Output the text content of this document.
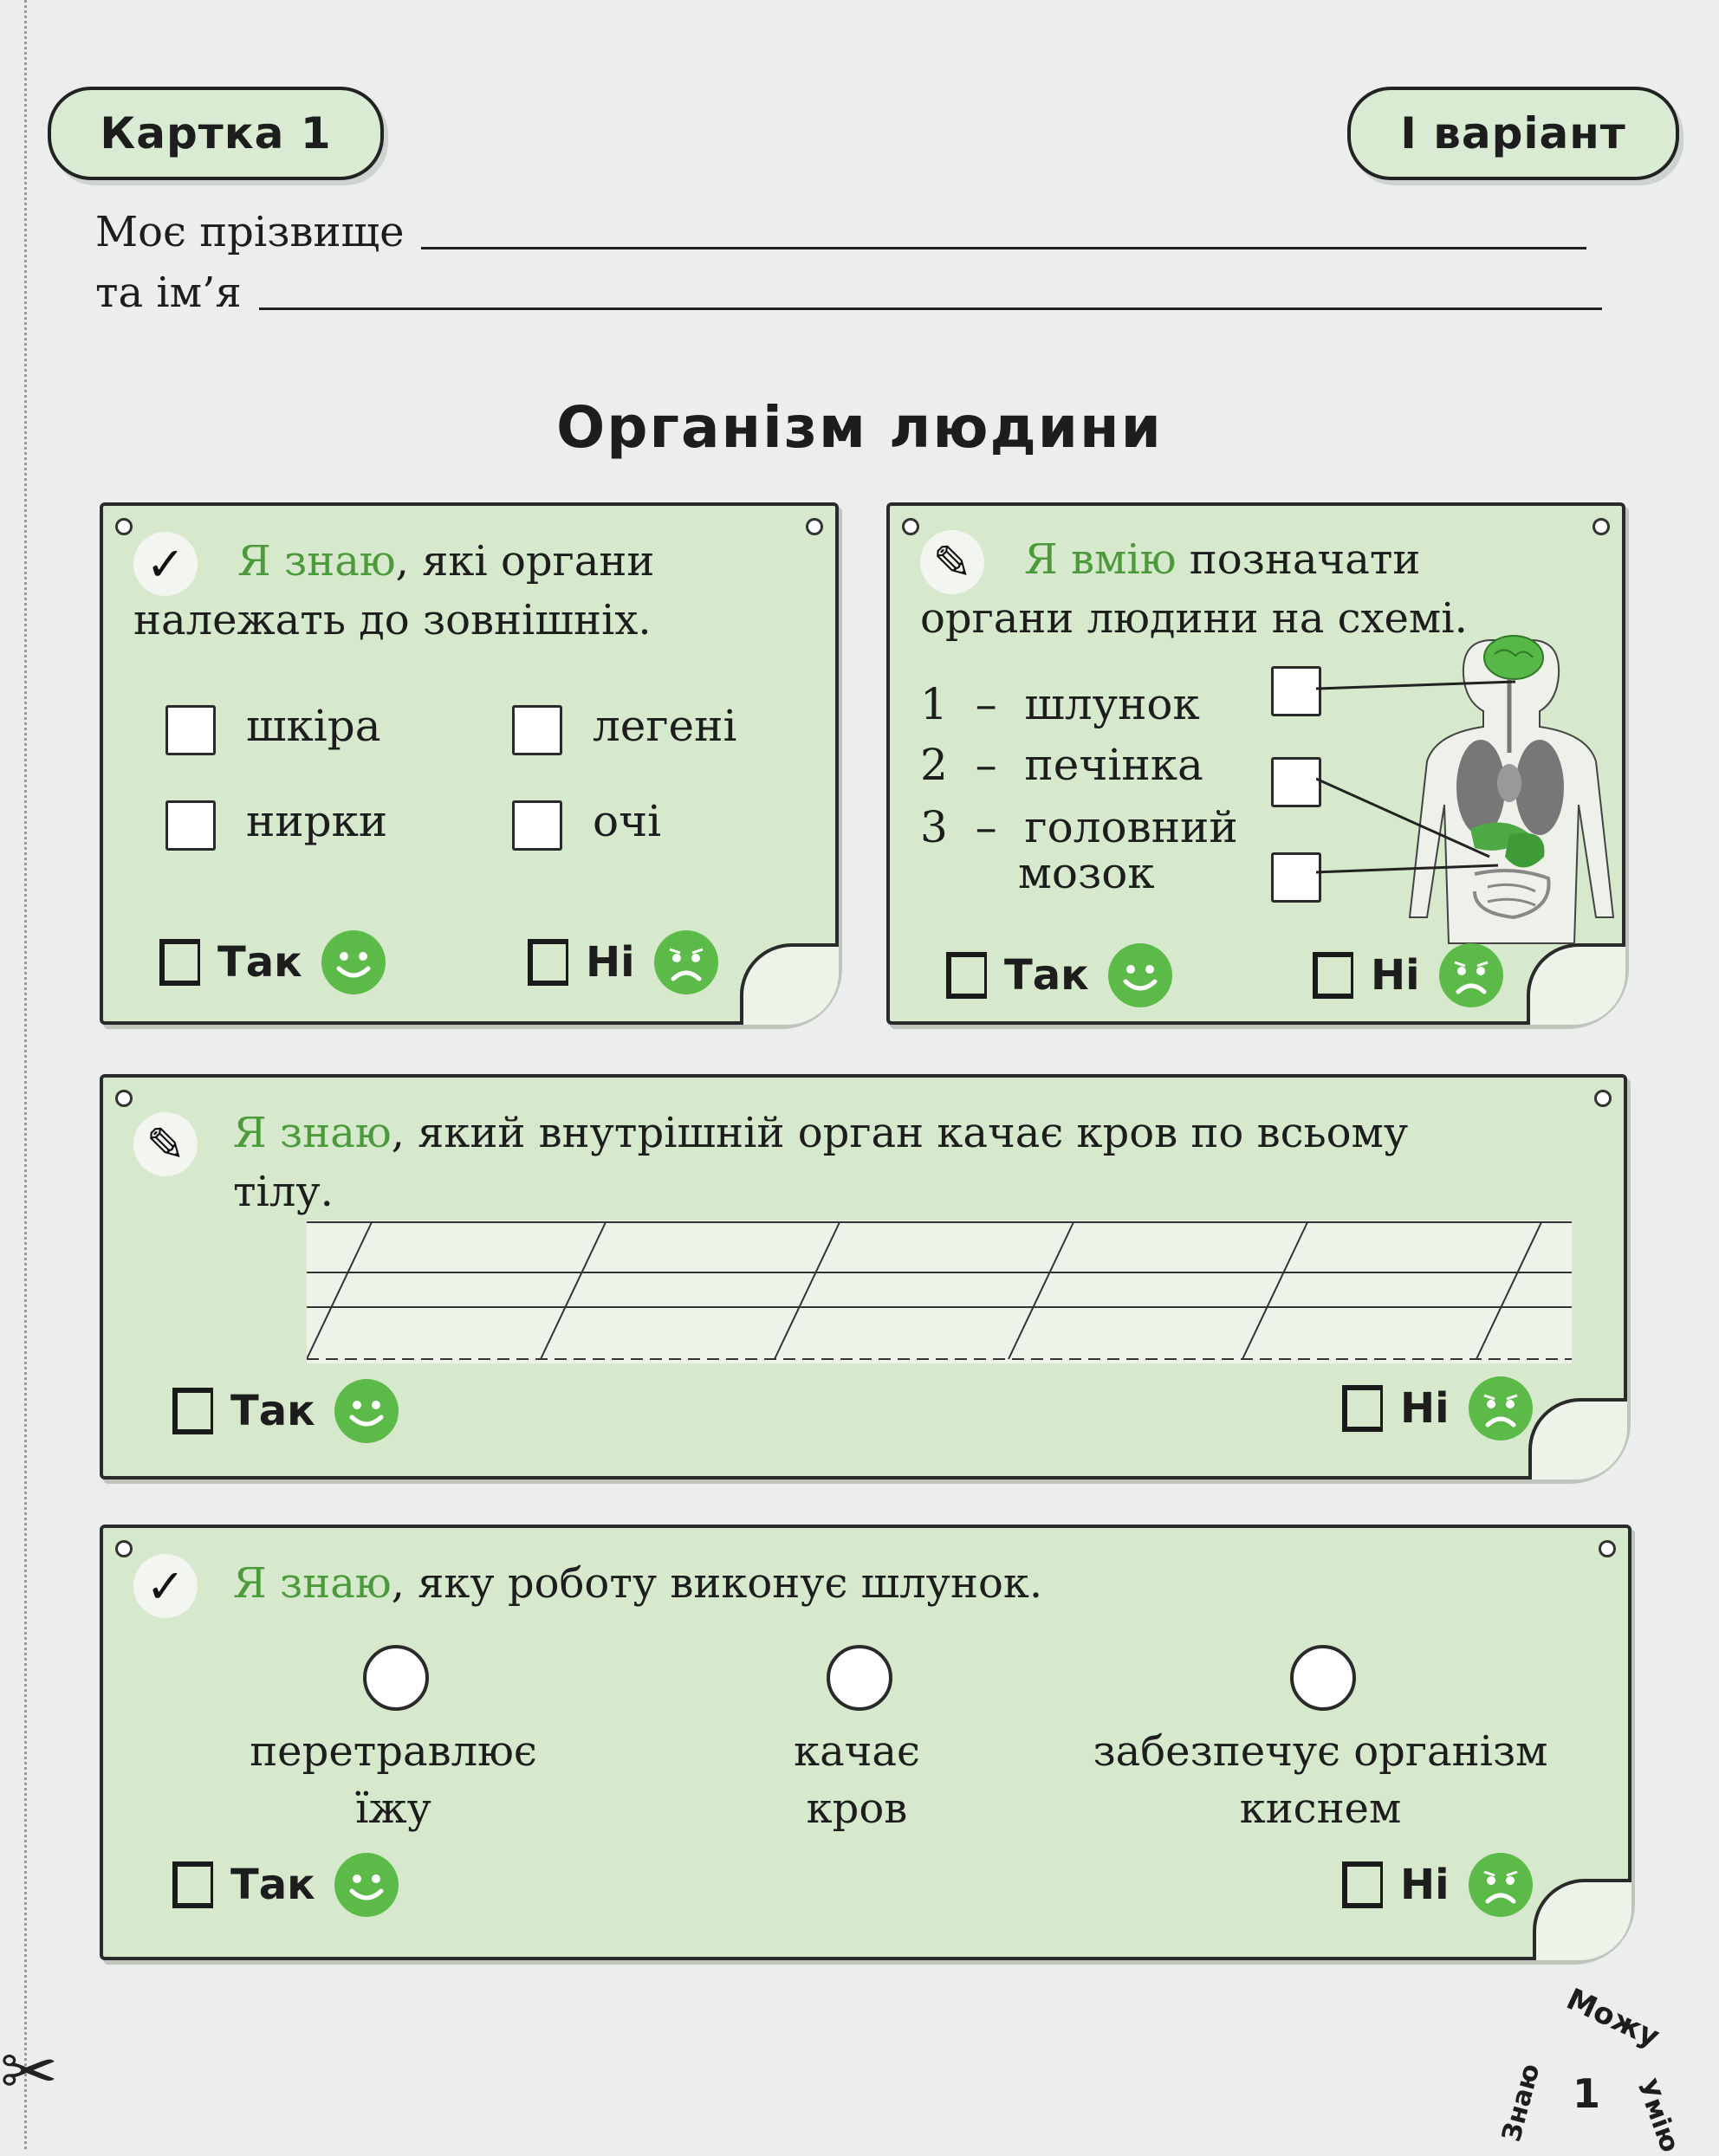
✂
Картка 1	І варіант
Моє прізвище
та ім’я
Організм людини
✓	Я знаю, які органи
належать до зовнішніх.
шкіра	легені
нирки	очі
Так	Ні
✎	Я вмію позначати
органи людини на схемі.
1 – шлунок
2 – печінка
3 – головний
мозок
Так	Ні
✎ Я знаю, який внутрішній орган качає кров по всьому
тілу.
Так	Ні
✓ Я знаю, яку роботу виконує шлунок.
перетравлює
їжу
качає
кров
забезпечує організм
киснем
Так	Ні
1
Можу
Знаю	Умію
